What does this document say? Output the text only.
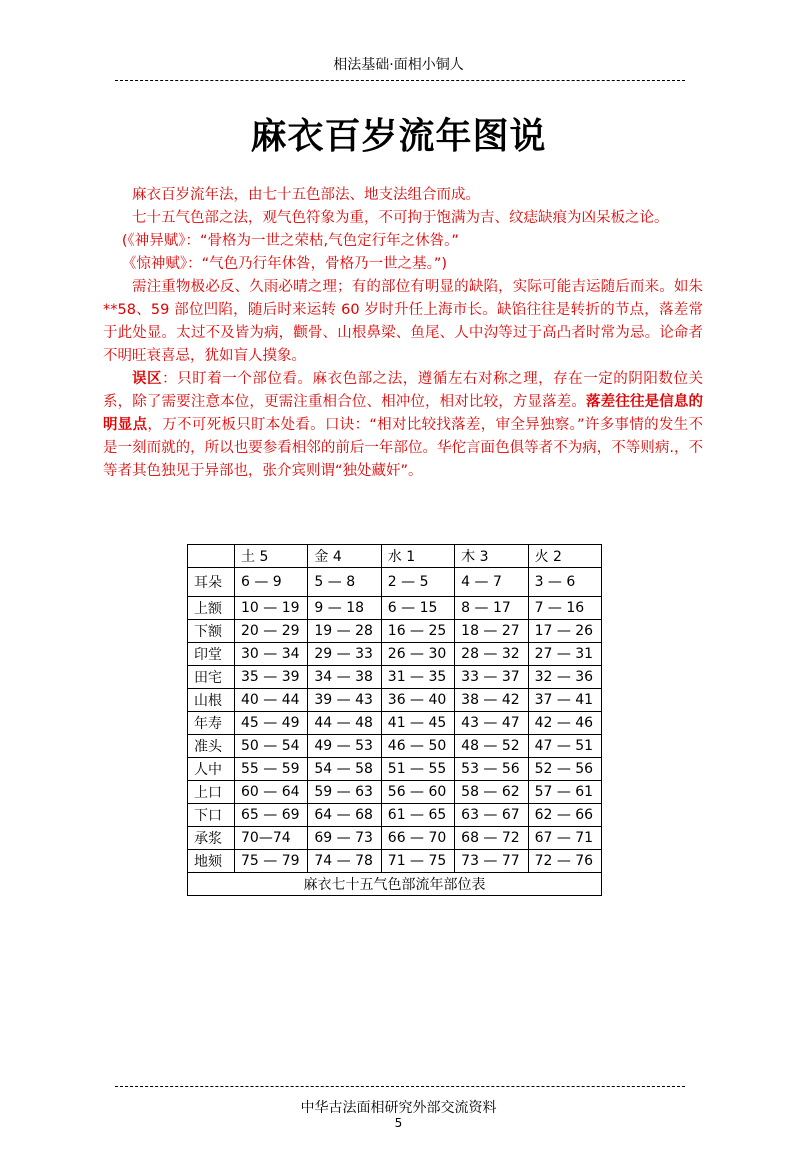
相法基础·面相小铜人
麻衣百岁流年图说

麻衣百岁流年法，由七十五色部法、地支法组合而成。

七十五气色部之法，观气色符象为重，不可拘于饱满为吉、纹痣缺痕为凶呆板之论。

(《神异赋》：“骨格为一世之荣枯,气色定行年之休咎。”

《惊神赋》：“气色乃行年休咎，骨格乃一世之基。”)

需注重物极必反、久雨必晴之理；有的部位有明显的缺陷，实际可能吉运随后而来。如朱**58、59 部位凹陷，随后时来运转 60 岁时升任上海市长。缺馅往往是转折的节点，落差常于此处显。太过不及皆为病，颧骨、山根鼻梁、鱼尾、人中沟等过于高凸者时常为忌。论命者不明旺衰喜忌，犹如盲人摸象。

误区：只盯着一个部位看。麻衣色部之法，遵循左右对称之理，存在一定的阴阳数位关系，除了需要注意本位，更需注重相合位、相冲位，相对比较，方显落差。落差往往是信息的明显点，万不可死板只盯本处看。口诀：“相对比较找落差，审全异独察。”许多事情的发生不是一刻而就的，所以也要参看相邻的前后一年部位。华佗言面色俱等者不为病，不等则病.，不等者其色独见于异部也，张介宾则谓“独处藏奸”。

	土 5	金 4	水 1	木 3	火 2
耳朵	6 — 9	5 — 8	2 — 5	4 — 7	3 — 6
上额	10 — 19	9 — 18	6 — 15	8 — 17	7 — 16
下额	20 — 29	19 — 28	16 — 25	18 — 27	17 — 26
印堂	30 — 34	29 — 33	26 — 30	28 — 32	27 — 31
田宅	35 — 39	34 — 38	31 — 35	33 — 37	32 — 36
山根	40 — 44	39 — 43	36 — 40	38 — 42	37 — 41
年寿	45 — 49	44 — 48	41 — 45	43 — 47	42 — 46
准头	50 — 54	49 — 53	46 — 50	48 — 52	47 — 51
人中	55 — 59	54 — 58	51 — 55	53 — 56	52 — 56
上口	60 — 64	59 — 63	56 — 60	58 — 62	57 — 61
下口	65 — 69	64 — 68	61 — 65	63 — 67	62 — 66
承浆	70—74	69 — 73	66 — 70	68 — 72	67 — 71
地颏	75 — 79	74 — 78	71 — 75	73 — 77	72 — 76
麻衣七十五气色部流年部位表					
中华古法面相研究外部交流资料
5
